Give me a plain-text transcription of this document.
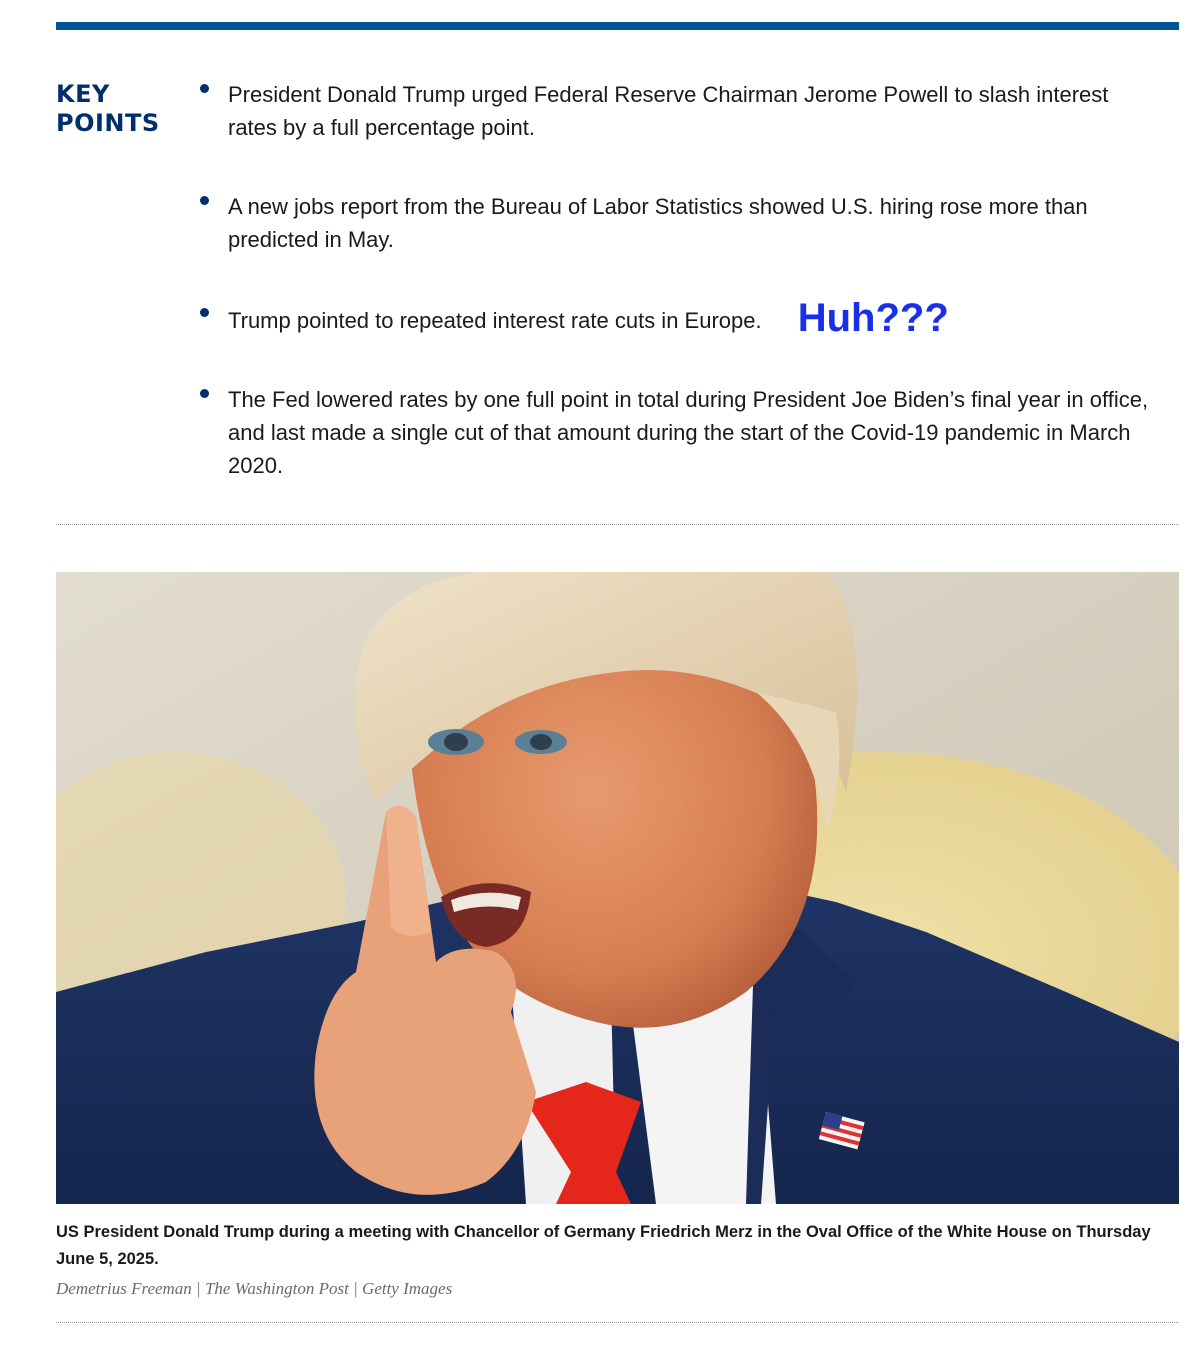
KEY POINTS
President Donald Trump urged Federal Reserve Chairman Jerome Powell to slash interest rates by a full percentage point.
A new jobs report from the Bureau of Labor Statistics showed U.S. hiring rose more than predicted in May.
Trump pointed to repeated interest rate cuts in Europe. Huh???
The Fed lowered rates by one full point in total during President Joe Biden’s final year in office, and last made a single cut of that amount during the start of the Covid-19 pandemic in March 2020.
US President Donald Trump during a meeting with Chancellor of Germany Friedrich Merz in the Oval Office of the White House on Thursday June 5, 2025.
Demetrius Freeman | The Washington Post | Getty Images
